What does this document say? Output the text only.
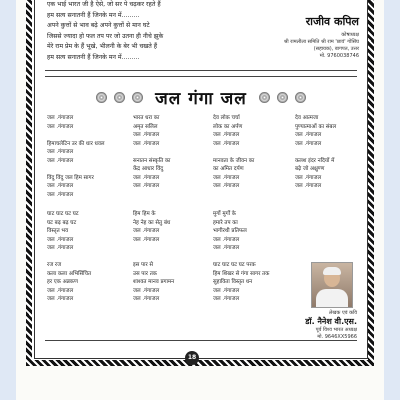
एक भाई भारत जी है ऐसे, जो सर पे चढ़कर रहते हैं
हम सत्य सनातनी हैं जिनके मन में.........
अपने कुत्तों से भाव बढ़े अपने कुत्तों से मान घटे
जिससे ज्यादा हो फल तप पर जो उतना ही नीचे झुके
मेरे राम प्रेम के हैं भूखे, भीलनी के बेर भी चखते हैं
हम सत्य सनातनी हैं जिनके मन में.........
राजीव कपिल
कोषाध्यक्ष
श्री रामलीला समिति श्री राम 'छावं' गोसिंघ
(सहायक), बागपत, उत्तर
मो. 9760038746
जल गंगा जल
जल .गंगाजल
जल .गंगाजल
हिमाचलेटिन उर की धार धवल
जल .गंगाजल
जल .गंगाजल
विंदु विंदु जल हिम सागर
जल .गंगाजल
जल .गंगाजल
भारत धरा का
अमृत सलिल
जल .गंगाजल
जल .गंगाजल
सनातन संस्कृति का
केंद्र आधार विंदु
जल .गंगाजल
जल .गंगाजल
देव लोक चर्चा
लोक का अर्पण
जल .गंगाजल
जल .गंगाजल
मानवता के जीवन का
का अमित दर्पण
जल .गंगाजल
जल .गंगाजल
देव आत्मजा
पुण्यात्माओं का संबल
जल .गंगाजल
जल .गंगाजल
कलश इंदर नदियों में
बढ़े जो अक्षुण्ण
जल .गंगाजल
जल .गंगाजल
घाट घाट घट घट
घट बढ़ बढ़ घट
विस्तृत भव
जल .गंगाजल
जल .गंगाजल
रज रज
कला कला अभिसिंचित
हर एक अन्नकण
जल .गंगाजल
जल .गंगाजल
हिम हिम के
नेह नेह का सेतु बंध
जल .गंगाजल
जल .गंगाजल
इस पार से
उस पार तक
शाश्वत मानव प्रगामन
जल .गंगाजल
जल .गंगाजल
मुर्गो मुर्गों के
हमारे तप का
भागीरथी प्रतिफल
जल .गंगाजल
जल .गंगाजल
घाट घाट घट घट परक
हिम शिखर से गंगा सागर तक
सुहाविता विस्तृत धन
जल .गंगाजल
जल .गंगाजल
लेखक एवं कवि
डॉ. नैनेश वी.एस.
पूर्व विश्व भारत अध्यक्ष
मो. 9646XX5966
18
